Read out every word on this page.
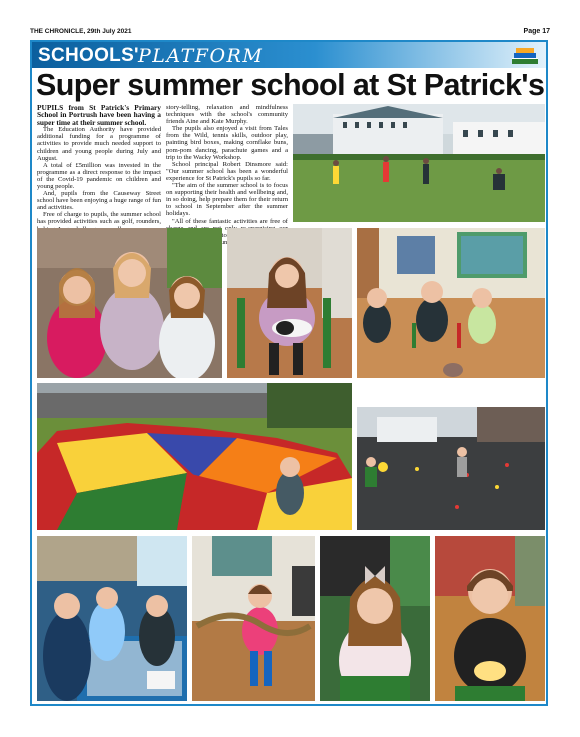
THE CHRONICLE, 29th July 2021	Page 17
SCHOOLS' PLATFORM
Super summer school at St Patrick's

PUPILS from St Patrick's Primary School in Portrush have been having a super time at their summer school.

The Education Authority have provided additional funding for a programme of activities to provide much needed support to children and young people during July and August.

A total of £5million was invested in the programme as a direct response to the impact of the Covid-19 pandemic on children and young people.

And, pupils from the Causeway Street school have been enjoying a huge range of fun and activities.

Free of charge to pupils, the summer school has provided activities such as golf, rounders,

story-telling, relaxation and mindfulness techniques with the school's community friends Aine and Kate Murphy.

The pupils also enjoyed a visit from Tales from the Wild, tennis skills, outdoor play, painting bird boxes, making cornflake buns, pom-pom dancing, parachute games and a trip to the Wacky Workshop.

School principal Robert Dinsmore said: "Our summer school has been a wonderful experience for St Patrick's pupils so far.

"The aim of the summer school is to focus on supporting their health and wellbeing and, in so doing, help prepare them for their return to school in September after the summer holidays.

"All of these fantastic activities are free of to
